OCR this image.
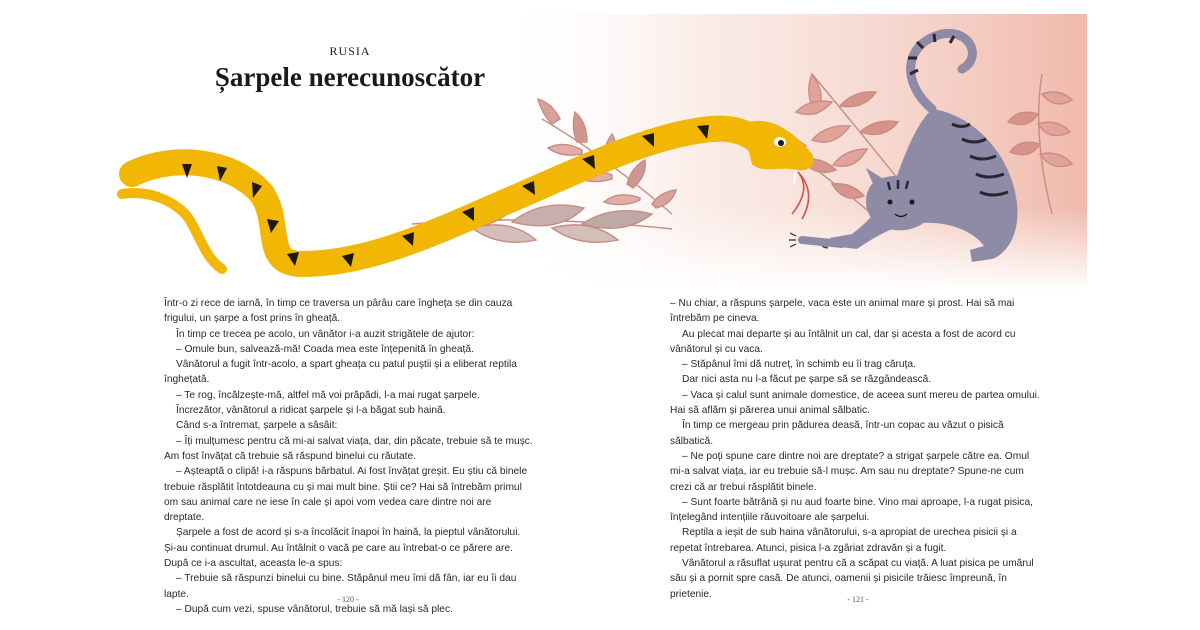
RUSIA
Șarpele nerecunoscător

Într-o zi rece de iarnă, în timp ce traversa un pârâu care îngheța se din cauza frigului, un șarpe a fost prins în gheață.

În timp ce trecea pe acolo, un vânător i-a auzit strigătele de ajutor:

– Omule bun, salvează-mă! Coada mea este înțepenită în gheață.

Vânătorul a fugit într-acolo, a spart gheața cu patul puștii și a eliberat reptila înghețată.

– Te rog, încălzește-mă, altfel mă voi prăpădi, l-a mai rugat șarpele.

Încrezător, vânătorul a ridicat șarpele și l-a băgat sub haină.

Când s-a întremat, șarpele a sâsâit:

– Îți mulțumesc pentru că mi-ai salvat viața, dar, din păcate, trebuie să te mușc. Am fost învățat că trebuie să răspund binelui cu răutate.

– Așteaptă o clipă! i-a răspuns bărbatul. Ai fost învățat greșit. Eu știu că binele trebuie răsplătit întotdeauna cu și mai mult bine. Știi ce? Hai să întrebăm primul om sau animal care ne iese în cale și apoi vom vedea care dintre noi are dreptate.

Șarpele a fost de acord și s-a încolăcit înapoi în haină, la pieptul vânătorului. Și-au continuat drumul. Au întâlnit o vacă pe care au întrebat-o ce părere are. După ce i-a ascultat, aceasta le-a spus:

– Trebuie să răspunzi binelui cu bine. Stăpânul meu îmi dă fân, iar eu îi dau lapte.

– După cum vezi, spuse vânătorul, trebuie să mă lași să plec.

– Nu chiar, a răspuns șarpele, vaca este un animal mare și prost. Hai să mai întrebăm pe cineva.

Au plecat mai departe și au întâlnit un cal, dar și acesta a fost de acord cu vânătorul și cu vaca.

– Stăpânul îmi dă nutreț, în schimb eu îi trag căruța.

Dar nici asta nu l-a făcut pe șarpe să se răzgândească.

– Vaca și calul sunt animale domestice, de aceea sunt mereu de partea omului. Hai să aflăm și părerea unui animal sălbatic.

În timp ce mergeau prin pădurea deasă, într-un copac au văzut o pisică sălbatică.

– Ne poți spune care dintre noi are dreptate? a strigat șarpele către ea. Omul mi-a salvat viața, iar eu trebuie să-l mușc. Am sau nu dreptate? Spune-ne cum crezi că ar trebui răsplătit binele.

– Sunt foarte bătrână și nu aud foarte bine. Vino mai aproape, l-a rugat pisica, înțelegând intențiile răuvoitoare ale șarpelui.

Reptila a ieșit de sub haina vânătorului, s-a apropiat de urechea pisicii și a repetat întrebarea. Atunci, pisica l-a zgâriat zdravăn și a fugit.

Vânătorul a răsuflat ușurat pentru că a scăpat cu viață. A luat pisica pe umărul său și a pornit spre casă. De atunci, oamenii și pisicile trăiesc împreună, în prietenie.

- 120 -	- 121 -
